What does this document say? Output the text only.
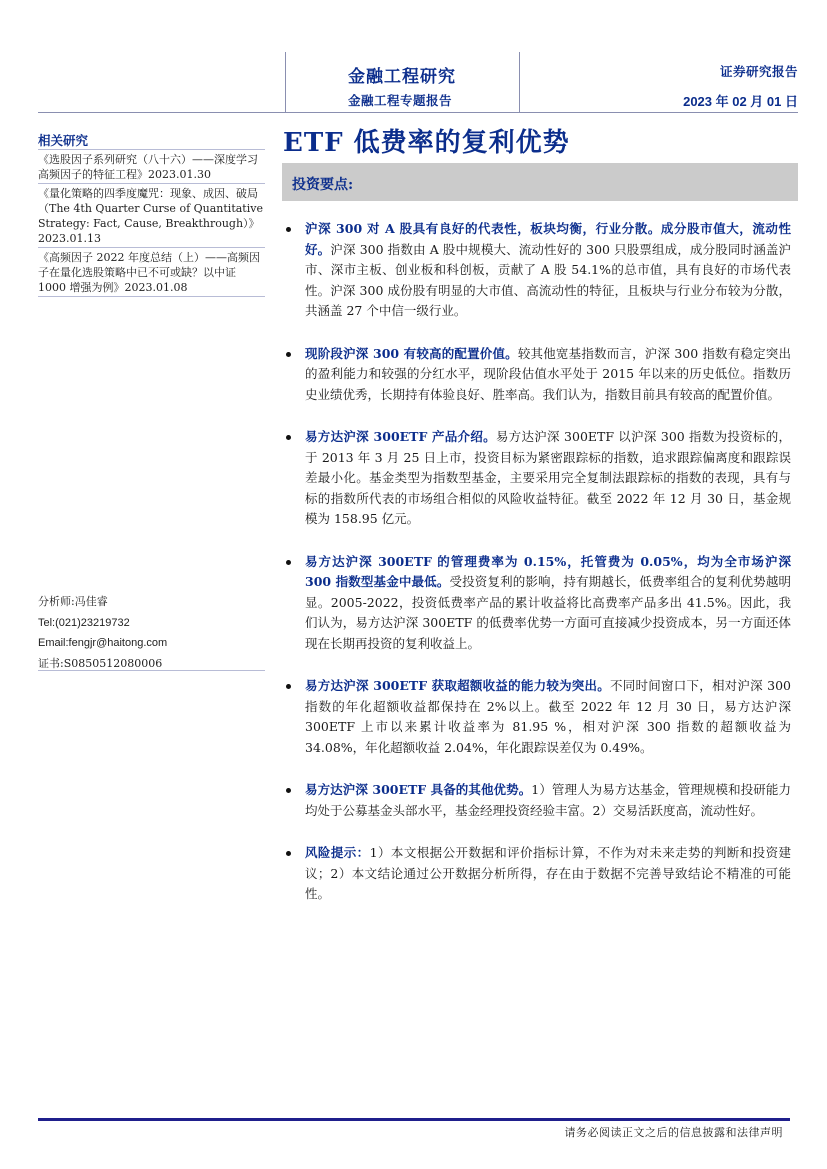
金融工程研究
金融工程专题报告
证券研究报告
2023 年 02 月 01 日
相关研究
《选股因子系列研究（八十六）——深度学习高频因子的特征工程》2023.01.30
《量化策略的四季度魔咒：现象、成因、破局（The 4th Quarter Curse of Quantitative Strategy: Fact, Cause, Breakthrough）》2023.01.13
《高频因子 2022 年度总结（上）——高频因子在量化选股策略中已不可或缺？以中证 1000 增强为例》2023.01.08
分析师:冯佳睿
Tel:(021)23219732
Email:fengjr@haitong.com
证书:S0850512080006
ETF 低费率的复利优势
投资要点:
沪深 300 对 A 股具有良好的代表性，板块均衡，行业分散。成分股市值大，流动性好。沪深 300 指数由 A 股中规模大、流动性好的 300 只股票组成，成分股同时涵盖沪市、深市主板、创业板和科创板，贡献了 A 股 54.1%的总市值，具有良好的市场代表性。沪深 300 成份股有明显的大市值、高流动性的特征，且板块与行业分布较为分散，共涵盖 27 个中信一级行业。
现阶段沪深 300 有较高的配置价值。较其他宽基指数而言，沪深 300 指数有稳定突出的盈利能力和较强的分红水平，现阶段估值水平处于 2015 年以来的历史低位。指数历史业绩优秀，长期持有体验良好、胜率高。我们认为，指数目前具有较高的配置价值。
易方达沪深 300ETF 产品介绍。易方达沪深 300ETF 以沪深 300 指数为投资标的，于 2013 年 3 月 25 日上市，投资目标为紧密跟踪标的指数，追求跟踪偏离度和跟踪误差最小化。基金类型为指数型基金，主要采用完全复制法跟踪标的指数的表现，具有与标的指数所代表的市场组合相似的风险收益特征。截至 2022 年 12 月 30 日，基金规模为 158.95 亿元。
易方达沪深 300ETF 的管理费率为 0.15%，托管费为 0.05%，均为全市场沪深 300 指数型基金中最低。受投资复利的影响，持有期越长，低费率组合的复利优势越明显。2005-2022，投资低费率产品的累计收益将比高费率产品多出 41.5%。因此，我们认为，易方达沪深 300ETF 的低费率优势一方面可直接减少投资成本，另一方面还体现在长期再投资的复利收益上。
易方达沪深 300ETF 获取超额收益的能力较为突出。不同时间窗口下，相对沪深 300 指数的年化超额收益都保持在 2%以上。截至 2022 年 12 月 30 日，易方达沪深 300ETF 上市以来累计收益率为 81.95 %，相对沪深 300 指数的超额收益为 34.08%，年化超额收益 2.04%，年化跟踪误差仅为 0.49%。
易方达沪深 300ETF 具备的其他优势。1）管理人为易方达基金，管理规模和投研能力均处于公募基金头部水平，基金经理投资经验丰富。2）交易活跃度高，流动性好。
风险提示：1）本文根据公开数据和评价指标计算，不作为对未来走势的判断和投资建议；2）本文结论通过公开数据分析所得，存在由于数据不完善导致结论不精准的可能性。
请务必阅读正文之后的信息披露和法律声明
